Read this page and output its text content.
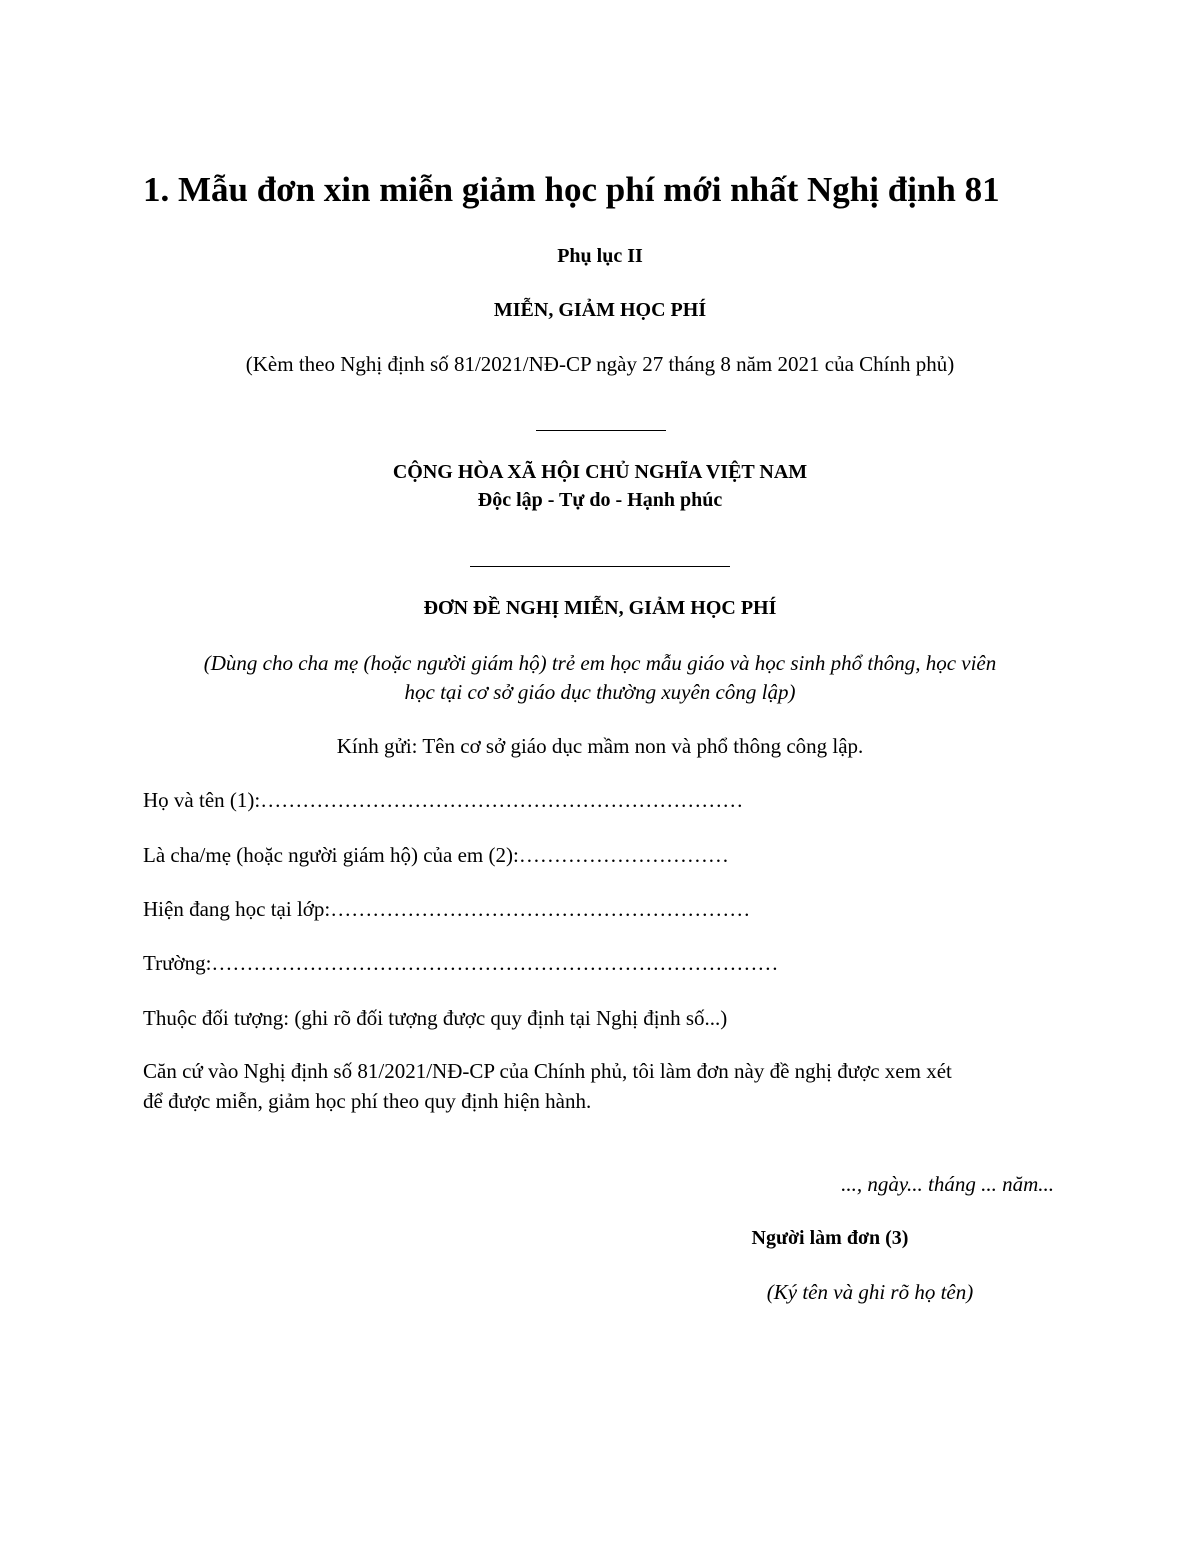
1. Mẫu đơn xin miễn giảm học phí mới nhất Nghị định 81
Phụ lục II
MIỄN, GIẢM HỌC PHÍ
(Kèm theo Nghị định số 81/2021/NĐ-CP ngày 27 tháng 8 năm 2021 của Chính phủ)
CỘNG HÒA XÃ HỘI CHỦ NGHĨA VIỆT NAM
Độc lập - Tự do - Hạnh phúc
ĐƠN ĐỀ NGHỊ MIỄN, GIẢM HỌC PHÍ
(Dùng cho cha mẹ (hoặc người giám hộ) trẻ em học mẫu giáo và học sinh phổ thông, học viên
học tại cơ sở giáo dục thường xuyên công lập)
Kính gửi: Tên cơ sở giáo dục mầm non và phổ thông công lập.
Họ và tên (1):……………………………………………………………
Là cha/mẹ (hoặc người giám hộ) của em (2):…………………………
Hiện đang học tại lớp:……………………………………………………
Trường:………………………………………………………………………
Thuộc đối tượng: (ghi rõ đối tượng được quy định tại Nghị định số...)
Căn cứ vào Nghị định số 81/2021/NĐ-CP của Chính phủ, tôi làm đơn này đề nghị được xem xét
để được miễn, giảm học phí theo quy định hiện hành.
..., ngày... tháng ... năm...
Người làm đơn (3)
(Ký tên và ghi rõ họ tên)
